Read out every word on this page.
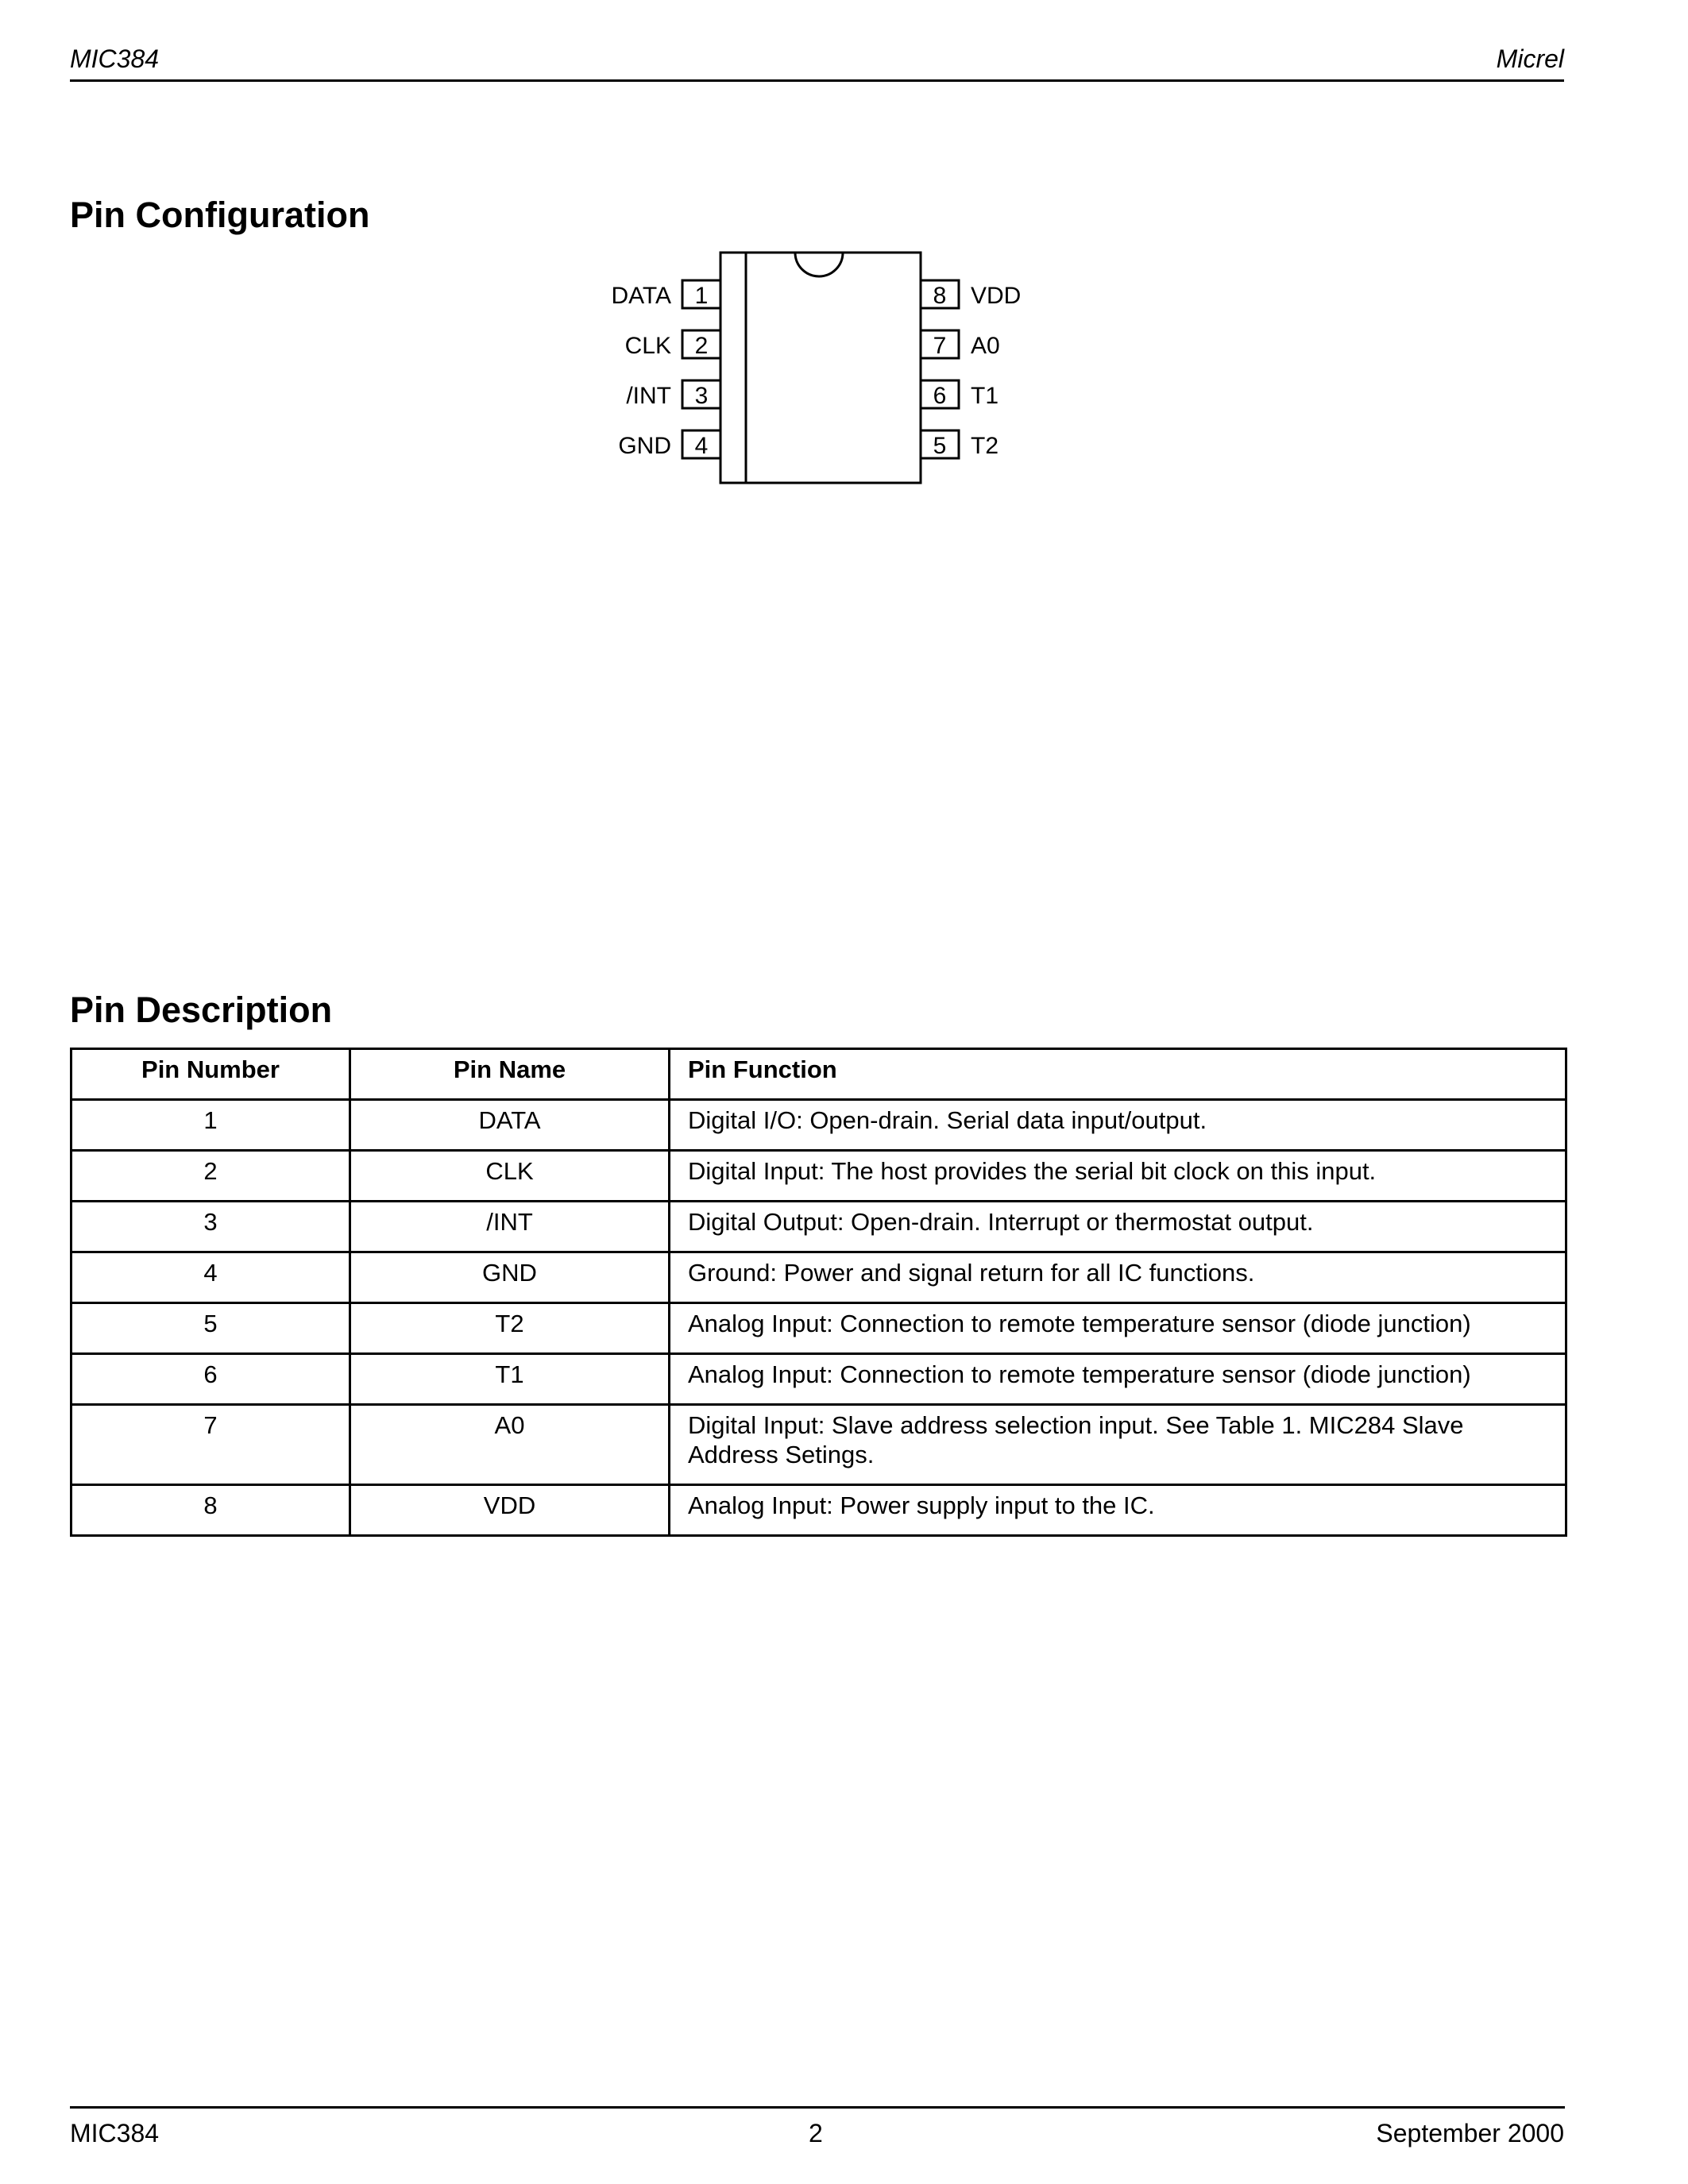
MIC384	Micrel
Pin Configuration
1
2
3
4
DATA
CLK
/INT
GND
8
7
6
5
VDD
A0
T1
T2
Pin Description
Pin Number	Pin Name	Pin Function
1	DATA	Digital I/O: Open-drain. Serial data input/output.
2	CLK	Digital Input: The host provides the serial bit clock on this input.
3	/INT	Digital Output: Open-drain. Interrupt or thermostat output.
4	GND	Ground: Power and signal return for all IC functions.
5	T2	Analog Input: Connection to remote temperature sensor (diode junction)
6	T1	Analog Input: Connection to remote temperature sensor (diode junction)
7	A0	Digital Input: Slave address selection input. See Table 1. MIC284 Slave Address Setings.
8	VDD	Analog Input: Power supply input to the IC.
MIC384	2	September 2000
